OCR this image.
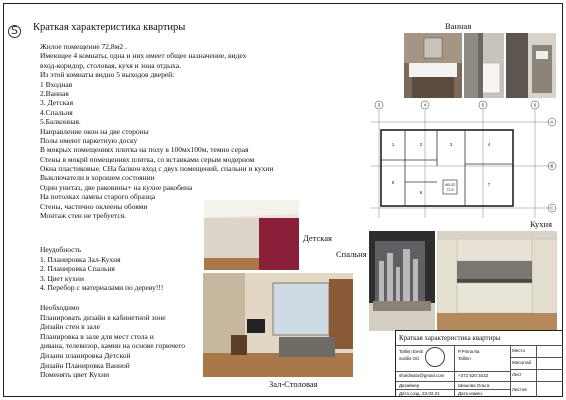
S
Краткая характеристика квартиры
Жилое помещение 72,8м2 .
Имеющее 4 комнаты, одна и них имеет общее назначение, видех
вход-коридор, столовая, кухя и зона отдыха.
Из этой комнаты видно 5 выходов дверей:
1 Входная
2.Ванная
3. Детская
4.Спальня
5.Балконная.
Направление окон на две стороны
Полы имеют паркетную доску
В мокрых помещениях плитка на полу в 100мх100м, темно серая
Стены в мокрй помещениях плитка, со вставками серым модерном
Окна пластиковые. СНа балкон вход с двух помещений, спальни и кухни
Выключатели в хорошем состоянии
Один унитаз, две раковины+ на кухне ракобина
На потолках лампы старого образца
Стены, частично оклеены обоями
Монтаж стен не требуется.
Неудобность
1. Планировка Зал-Кухня
2. Планировка Спальня
3. Цвет кухни
4. Перебор с материалами по дереву!!!
Необходимо
Планировать дизайн в кабинетной зоне
Дизайн стен в зале
Планировка в зале для мест стола и
дивана, телевизор, камин на основе горючего
Дизаин планировка Детской
Дизайн Планировка Ванной
Поменять цвет Кухни
Ванная
3	4	5	6
A
B
C
1	2	3	4
5
6
7
КВ.33
72,8
Кухня
Детская
Спальня
Зал-Столовая
Краткая характеристика квартиры
Tallinn Eesti
Soldis OÜ
P.Pinna 6a
Tallinn
sholdisato@gmail.com	+372 520 3432
Дизайнер	Шишова Ольга
Дата созд. 23.02.21	Дата измен.
Место
Масштаб
Лист
Листов
